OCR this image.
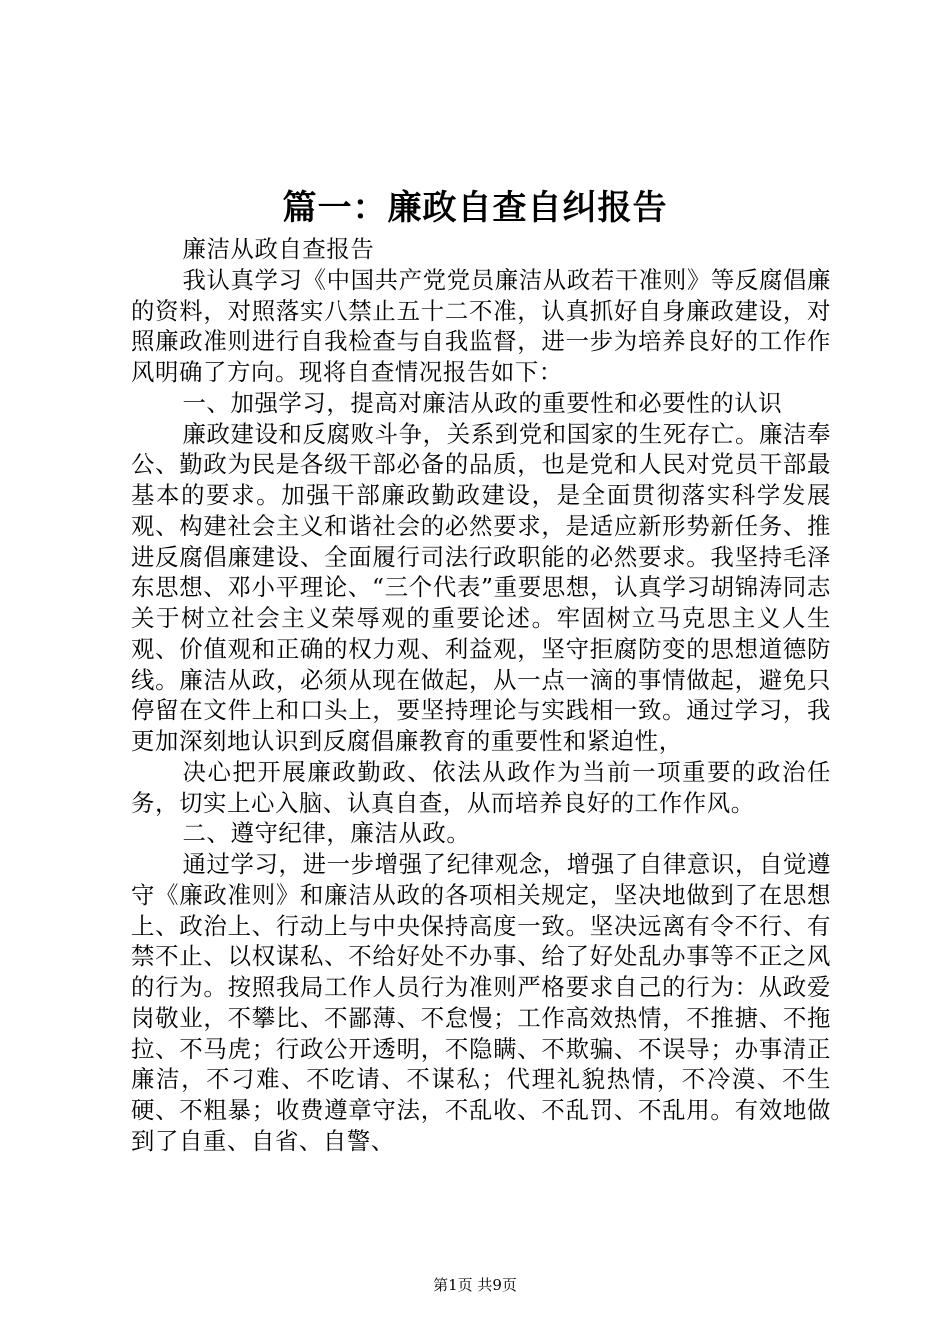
篇一：廉政自查自纠报告

廉洁从政自查报告

我认真学习《中国共产党党员廉洁从政若干准则》等反腐倡廉的资料，对照落实八禁止五十二不准，认真抓好自身廉政建设，对照廉政准则进行自我检查与自我监督，进一步为培养良好的工作作风明确了方向。现将自查情况报告如下：

一、加强学习，提高对廉洁从政的重要性和必要性的认识

廉政建设和反腐败斗争，关系到党和国家的生死存亡。廉洁奉公、勤政为民是各级干部必备的品质，也是党和人民对党员干部最基本的要求。加强干部廉政勤政建设，是全面贯彻落实科学发展观、构建社会主义和谐社会的必然要求，是适应新形势新任务、推进反腐倡廉建设、全面履行司法行政职能的必然要求。我坚持毛泽东思想、邓小平理论、“三个代表”重要思想，认真学习胡锦涛同志关于树立社会主义荣辱观的重要论述。牢固树立马克思主义人生观、价值观和正确的权力观、利益观，坚守拒腐防变的思想道德防线。廉洁从政，必须从现在做起，从一点一滴的事情做起，避免只停留在文件上和口头上，要坚持理论与实践相一致。通过学习，我更加深刻地认识到反腐倡廉教育的重要性和紧迫性，

决心把开展廉政勤政、依法从政作为当前一项重要的政治任务，切实上心入脑、认真自查，从而培养良好的工作作风。

二、遵守纪律，廉洁从政。

通过学习，进一步增强了纪律观念，增强了自律意识，自觉遵守《廉政准则》和廉洁从政的各项相关规定，坚决地做到了在思想上、政治上、行动上与中央保持高度一致。坚决远离有令不行、有禁不止、以权谋私、不给好处不办事、给了好处乱办事等不正之风的行为。按照我局工作人员行为准则严格要求自己的行为：从政爱岗敬业，不攀比、不鄙薄、不怠慢；工作高效热情，不推搪、不拖拉、不马虎；行政公开透明，不隐瞒、不欺骗、不误导；办事清正廉洁，不刁难、不吃请、不谋私；代理礼貌热情，不冷漠、不生硬、不粗暴；收费遵章守法，不乱收、不乱罚、不乱用。有效地做到了自重、自省、自警、

第1页 共9页
